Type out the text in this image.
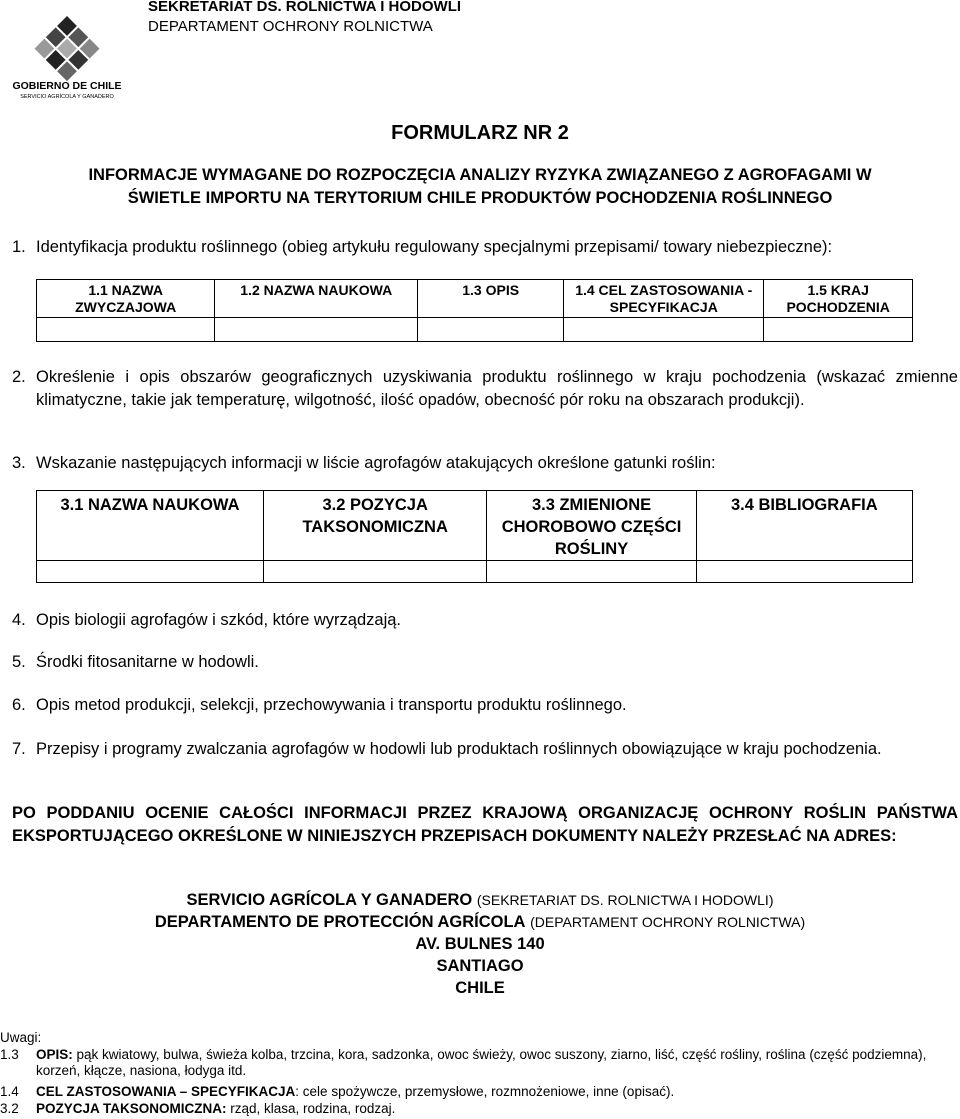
SEKRETARIAT DS. ROLNICTWA I HODOWLI
DEPARTAMENT OCHRONY ROLNICTWA
GOBIERNO DE CHILE
SERVICIO AGRÍCOLA Y GANADERO
FORMULARZ NR 2
INFORMACJE WYMAGANE DO ROZPOCZĘCIA ANALIZY RYZYKA ZWIĄZANEGO Z AGROFAGAMI W
ŚWIETLE IMPORTU NA TERYTORIUM CHILE PRODUKTÓW POCHODZENIA ROŚLINNEGO
1. Identyfikacja produktu roślinnego (obieg artykułu regulowany specjalnymi przepisami/ towary niebezpieczne):
1.1 NAZWA ZWYCZAJOWA	1.2 NAZWA NAUKOWA	1.3 OPIS	1.4 CEL ZASTOSOWANIA - SPECYFIKACJA	1.5 KRAJ POCHODZENIA

2. Określenie i opis obszarów geograficznych uzyskiwania produktu roślinnego w kraju pochodzenia (wskazać zmienne klimatyczne, takie jak temperaturę, wilgotność, ilość opadów, obecność pór roku na obszarach produkcji).
3. Wskazanie następujących informacji w liście agrofagów atakujących określone gatunki roślin:
3.1 NAZWA NAUKOWA	3.2 POZYCJA TAKSONOMICZNA	3.3 ZMIENIONE CHOROBOWO CZĘŚCI ROŚLINY	3.4 BIBLIOGRAFIA

4. Opis biologii agrofagów i szkód, które wyrządzają.
5. Środki fitosanitarne w hodowli.
6. Opis metod produkcji, selekcji, przechowywania i transportu produktu roślinnego.
7. Przepisy i programy zwalczania agrofagów w hodowli lub produktach roślinnych obowiązujące w kraju pochodzenia.
PO PODDANIU OCENIE CAŁOŚCI INFORMACJI PRZEZ KRAJOWĄ ORGANIZACJĘ OCHRONY ROŚLIN PAŃSTWA EKSPORTUJĄCEGO OKREŚLONE W NINIEJSZYCH PRZEPISACH DOKUMENTY NALEŻY PRZESŁAĆ NA ADRES:
SERVICIO AGRÍCOLA Y GANADERO (SEKRETARIAT DS. ROLNICTWA I HODOWLI)
DEPARTAMENTO DE PROTECCIÓN AGRÍCOLA (DEPARTAMENT OCHRONY ROLNICTWA)
AV. BULNES 140
SANTIAGO
CHILE
Uwagi:
1.3 OPIS: pąk kwiatowy, bulwa, świeża kolba, trzcina, kora, sadzonka, owoc świeży, owoc suszony, ziarno, liść, część rośliny, roślina (część podziemna), korzeń, kłącze, nasiona, łodyga itd.
1.4 CEL ZASTOSOWANIA – SPECYFIKACJA: cele spożywcze, przemysłowe, rozmnożeniowe, inne (opisać).
3.2 POZYCJA TAKSONOMICZNA: rząd, klasa, rodzina, rodzaj.
